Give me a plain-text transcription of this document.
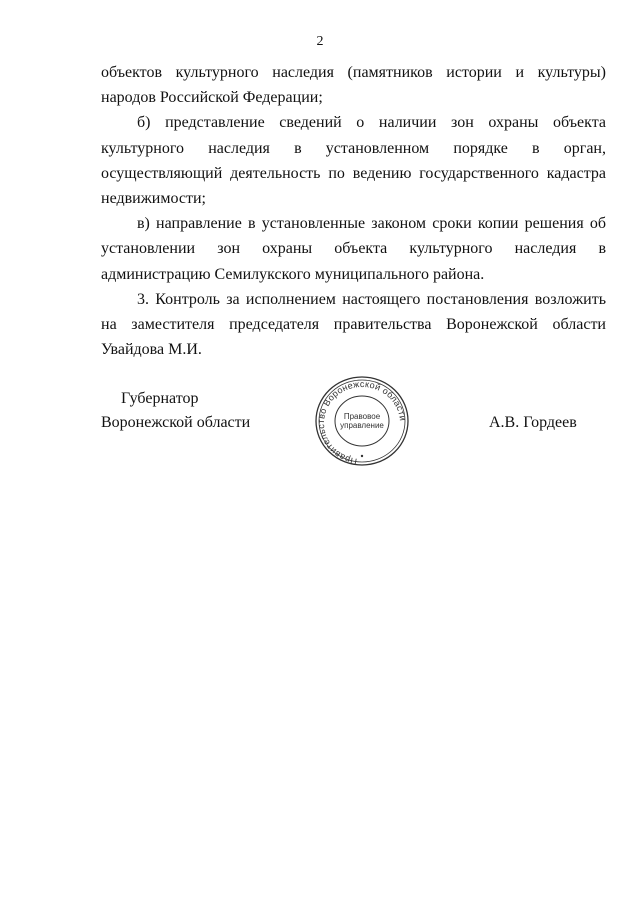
2

объектов культурного наследия (памятников истории и культуры) народов Российской Федерации;

б) представление сведений о наличии зон охраны объекта культурного наследия в установленном порядке в орган, осуществляющий деятельность по ведению государственного кадастра недвижимости;

в) направление в установленные законом сроки копии решения об установлении зон охраны объекта культурного наследия в администрацию Семилукского муниципального района.

3. Контроль за исполнением настоящего постановления возложить на заместителя председателя правительства Воронежской области

Увайдова М.И.

Губернатор
Воронежской области
Правительство Воронежской области
Правовое
управление	А.В. Гордеев
